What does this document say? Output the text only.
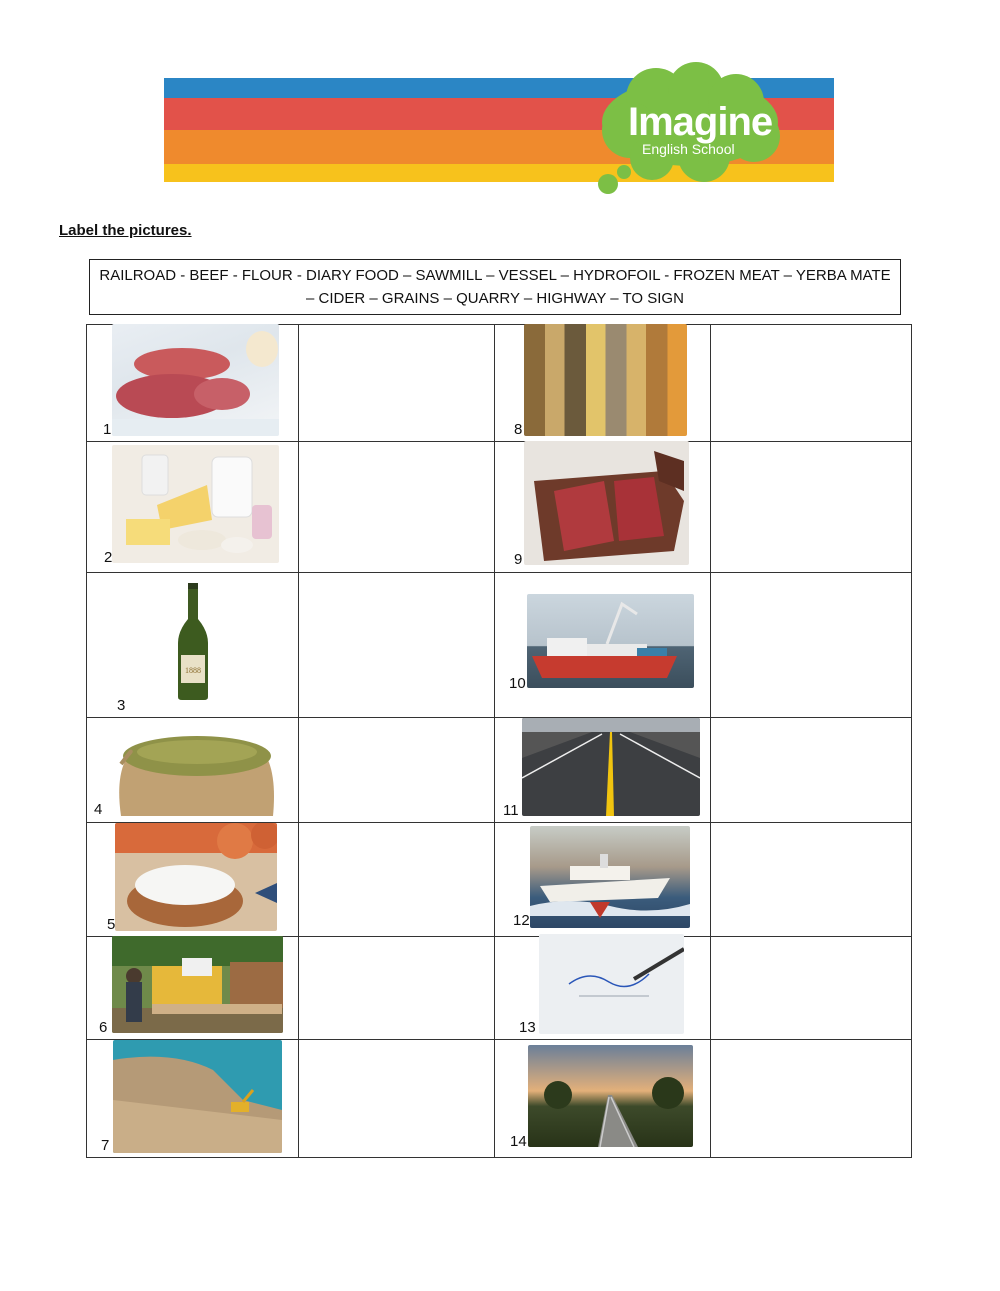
Imagine
English School
Label the pictures.
RAILROAD - BEEF - FLOUR - DIARY FOOD – SAWMILL – VESSEL – HYDROFOIL - FROZEN MEAT – YERBA MATE
– CIDER – GRAINS – QUARRY – HIGHWAY – TO SIGN
1
2
1888
3
4
5
6
7
8
9
10
11
12
13
14
